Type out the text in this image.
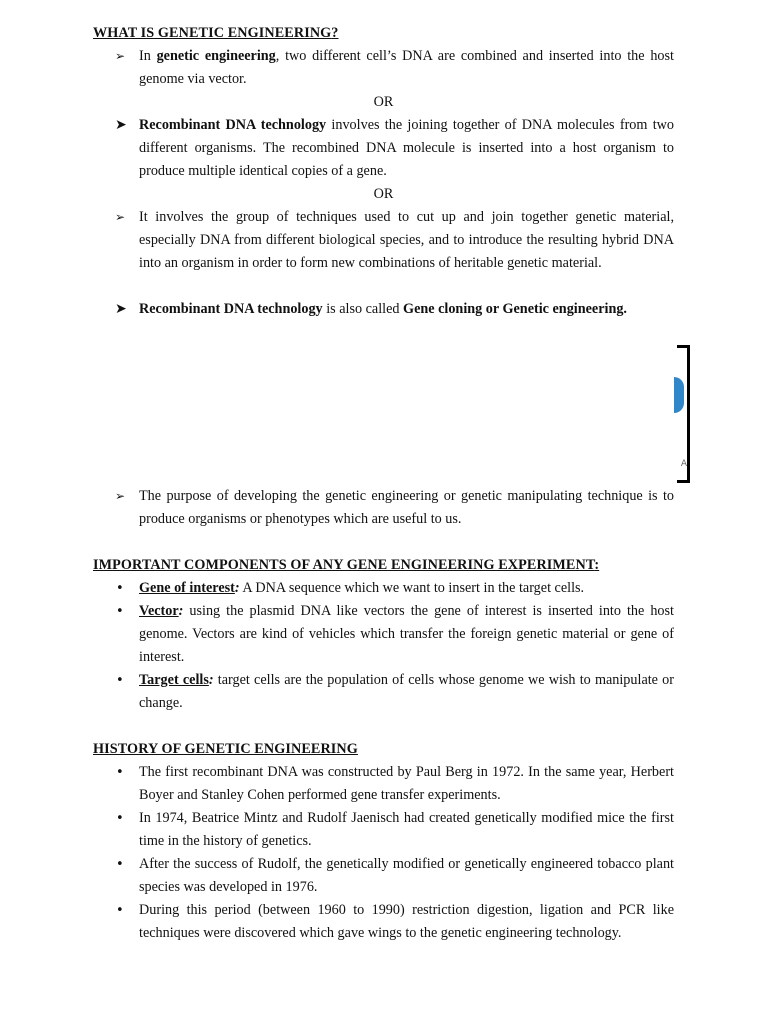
WHAT IS GENETIC ENGINEERING?

➢ In genetic engineering, two different cell’s DNA are combined and inserted into the host genome via vector.

OR

➤ Recombinant DNA technology involves the joining together of DNA molecules from two different organisms. The recombined DNA molecule is inserted into a host organism to produce multiple identical copies of a gene.

OR

➢ It involves the group of techniques used to cut up and join together genetic material, especially DNA from different biological species, and to introduce the resulting hybrid DNA into an organism in order to form new combinations of heritable genetic material.

➤ Recombinant DNA technology is also called Gene cloning or Genetic engineering.

➢ The purpose of developing the genetic engineering or genetic manipulating technique is to produce organisms or phenotypes which are useful to us.

IMPORTANT COMPONENTS OF ANY GENE ENGINEERING EXPERIMENT:

•	Gene of interest: A DNA sequence which we want to insert in the target cells.

•	Vector: using the plasmid DNA like vectors the gene of interest is inserted into the host genome. Vectors are kind of vehicles which transfer the foreign genetic material or gene of interest.

•	Target cells: target cells are the population of cells whose genome we wish to manipulate or change.

HISTORY OF GENETIC ENGINEERING

•	The first recombinant DNA was constructed by Paul Berg in 1972. In the same year, Herbert Boyer and Stanley Cohen performed gene transfer experiments.

•	In 1974, Beatrice Mintz and Rudolf Jaenisch had created genetically modified mice the first time in the history of genetics.

•	After the success of Rudolf, the genetically modified or genetically engineered tobacco plant species was developed in 1976.

•	During this period (between 1960 to 1990) restriction digestion, ligation and PCR like techniques were discovered which gave wings to the genetic engineering technology.

A
